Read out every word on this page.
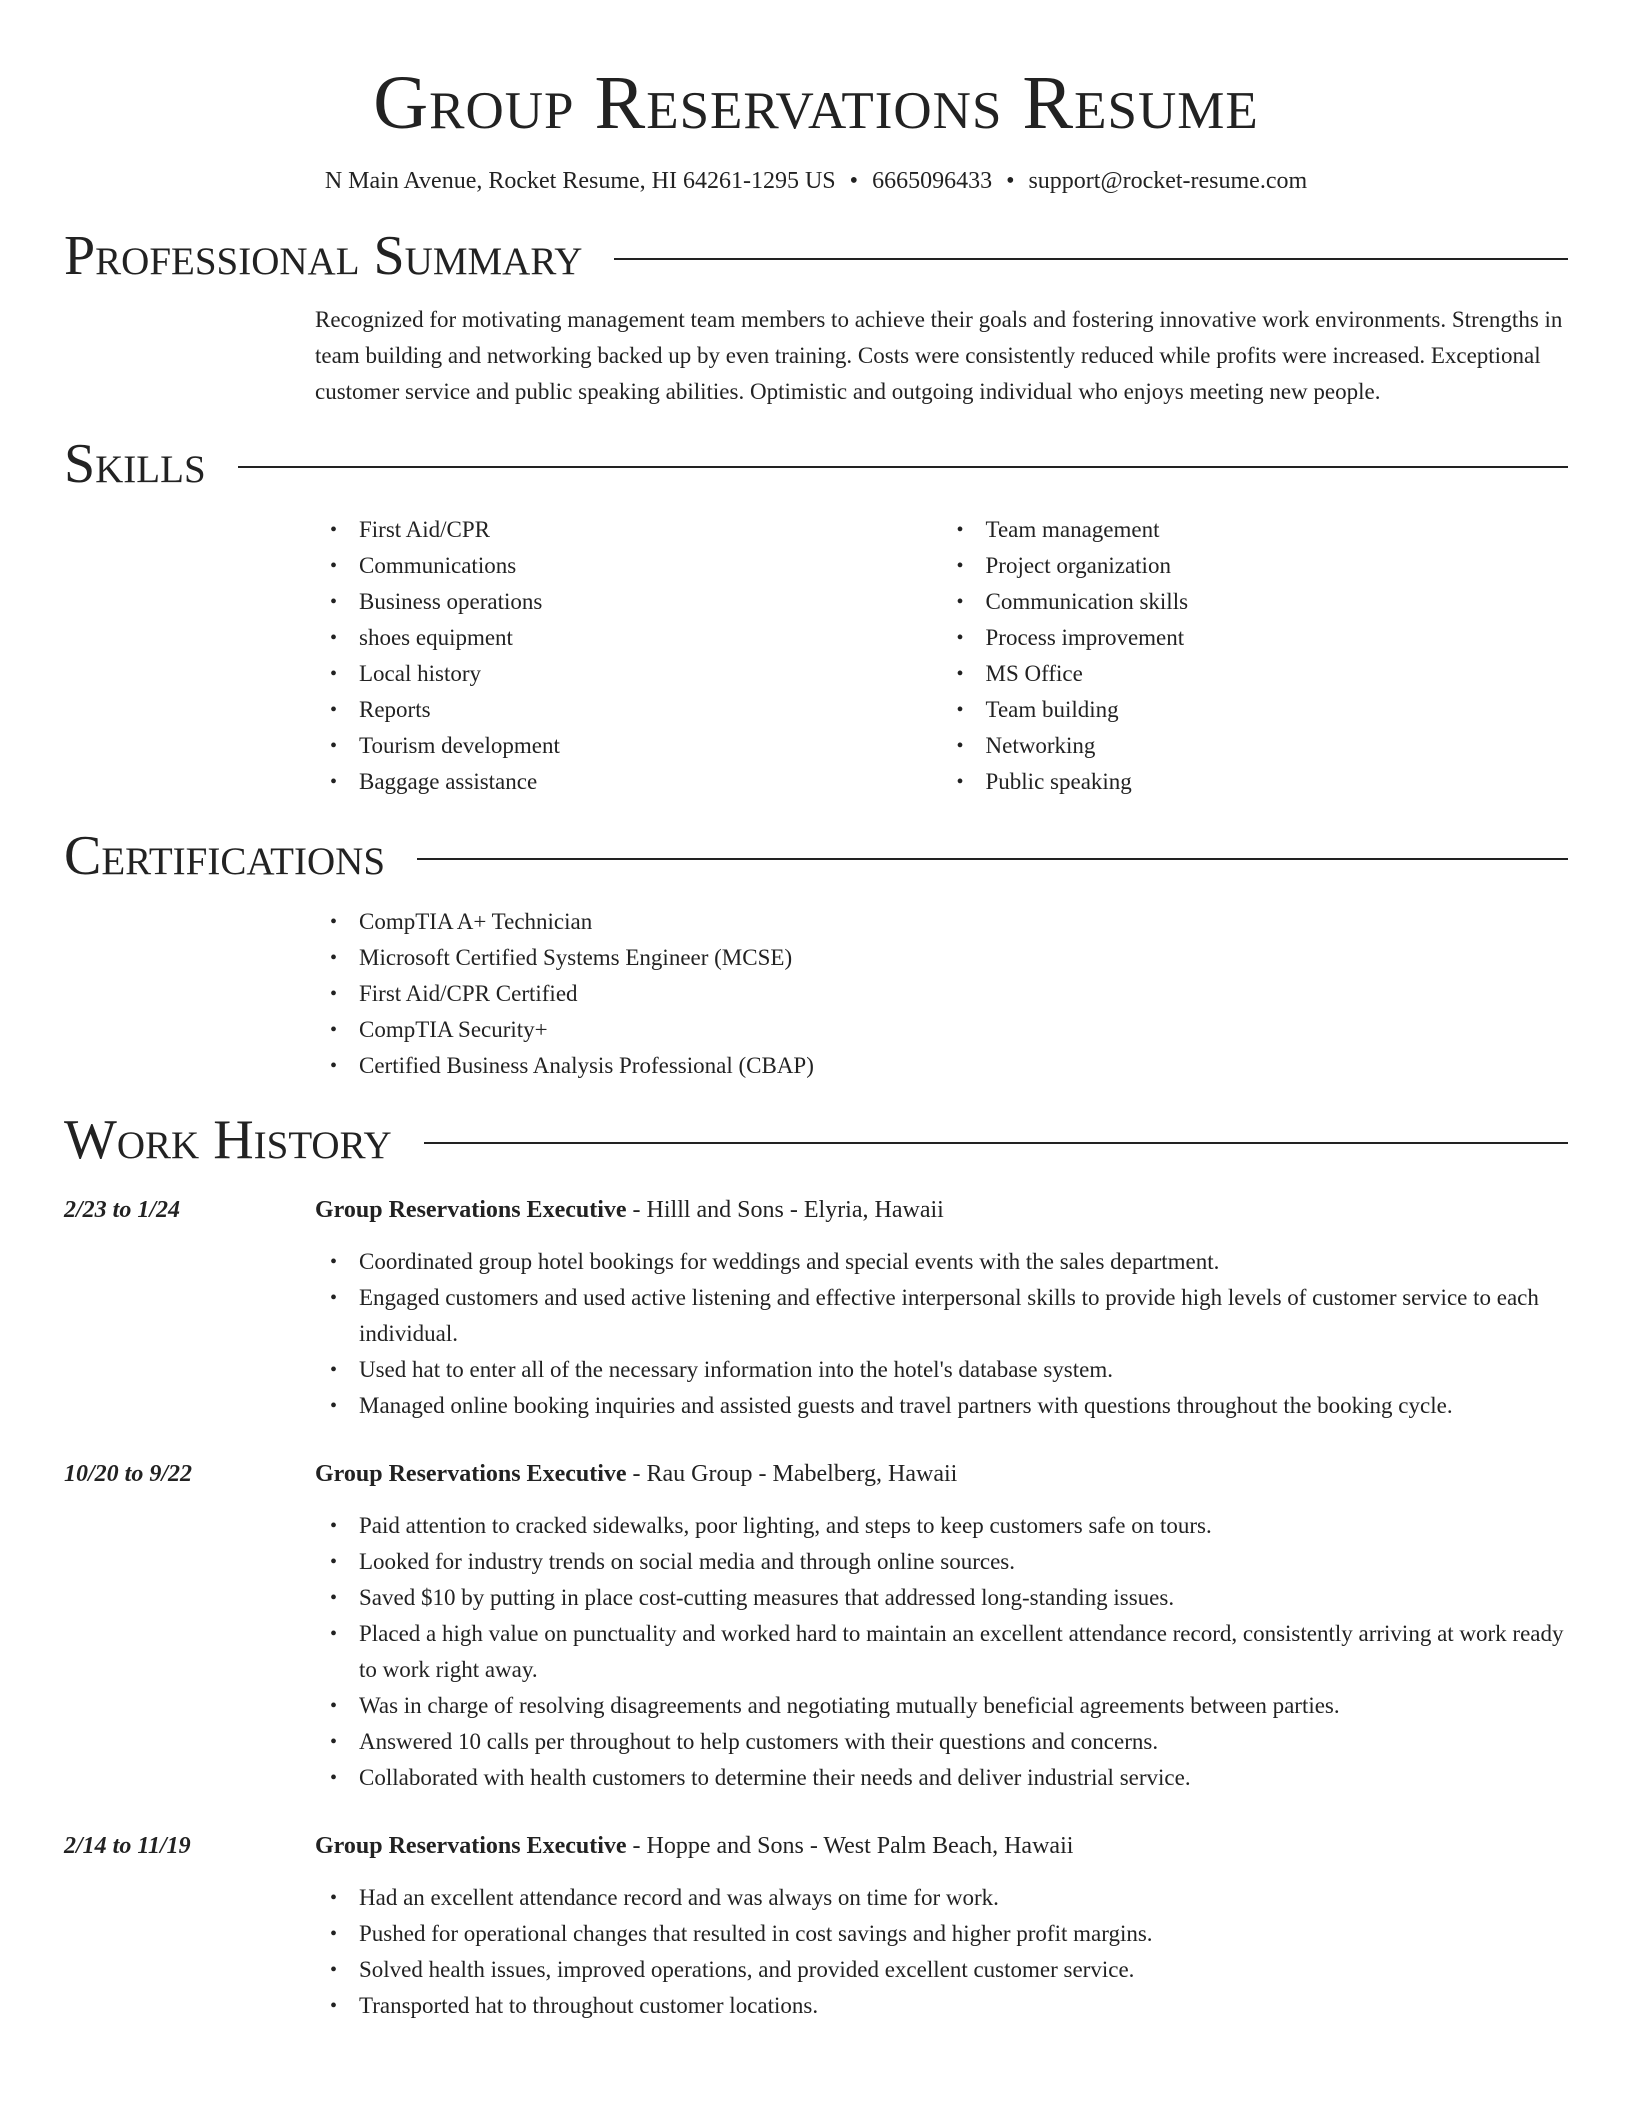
Group Reservations Resume
N Main Avenue, Rocket Resume, HI 64261-1295 US • 6665096433 • support@rocket-resume.com
Professional Summary
Recognized for motivating management team members to achieve their goals and fostering innovative work environments. Strengths in team building and networking backed up by even training. Costs were consistently reduced while profits were increased. Exceptional customer service and public speaking abilities. Optimistic and outgoing individual who enjoys meeting new people.
Skills
• First Aid/CPR
• Communications
• Business operations
• shoes equipment
• Local history
• Reports
• Tourism development
• Baggage assistance
• Team management
• Project organization
• Communication skills
• Process improvement
• MS Office
• Team building
• Networking
• Public speaking
Certifications
• CompTIA A+ Technician
• Microsoft Certified Systems Engineer (MCSE)
• First Aid/CPR Certified
• CompTIA Security+
• Certified Business Analysis Professional (CBAP)
Work History
2/23 to 1/24	Group Reservations Executive - Hilll and Sons - Elyria, Hawaii
• Coordinated group hotel bookings for weddings and special events with the sales department.
• Engaged customers and used active listening and effective interpersonal skills to provide high levels of customer service to each individual.
• Used hat to enter all of the necessary information into the hotel's database system.
• Managed online booking inquiries and assisted guests and travel partners with questions throughout the booking cycle.
10/20 to 9/22	Group Reservations Executive - Rau Group - Mabelberg, Hawaii
• Paid attention to cracked sidewalks, poor lighting, and steps to keep customers safe on tours.
• Looked for industry trends on social media and through online sources.
• Saved $10 by putting in place cost-cutting measures that addressed long-standing issues.
• Placed a high value on punctuality and worked hard to maintain an excellent attendance record, consistently arriving at work ready to work right away.
• Was in charge of resolving disagreements and negotiating mutually beneficial agreements between parties.
• Answered 10 calls per throughout to help customers with their questions and concerns.
• Collaborated with health customers to determine their needs and deliver industrial service.
2/14 to 11/19	Group Reservations Executive - Hoppe and Sons - West Palm Beach, Hawaii
• Had an excellent attendance record and was always on time for work.
• Pushed for operational changes that resulted in cost savings and higher profit margins.
• Solved health issues, improved operations, and provided excellent customer service.
• Transported hat to throughout customer locations.
